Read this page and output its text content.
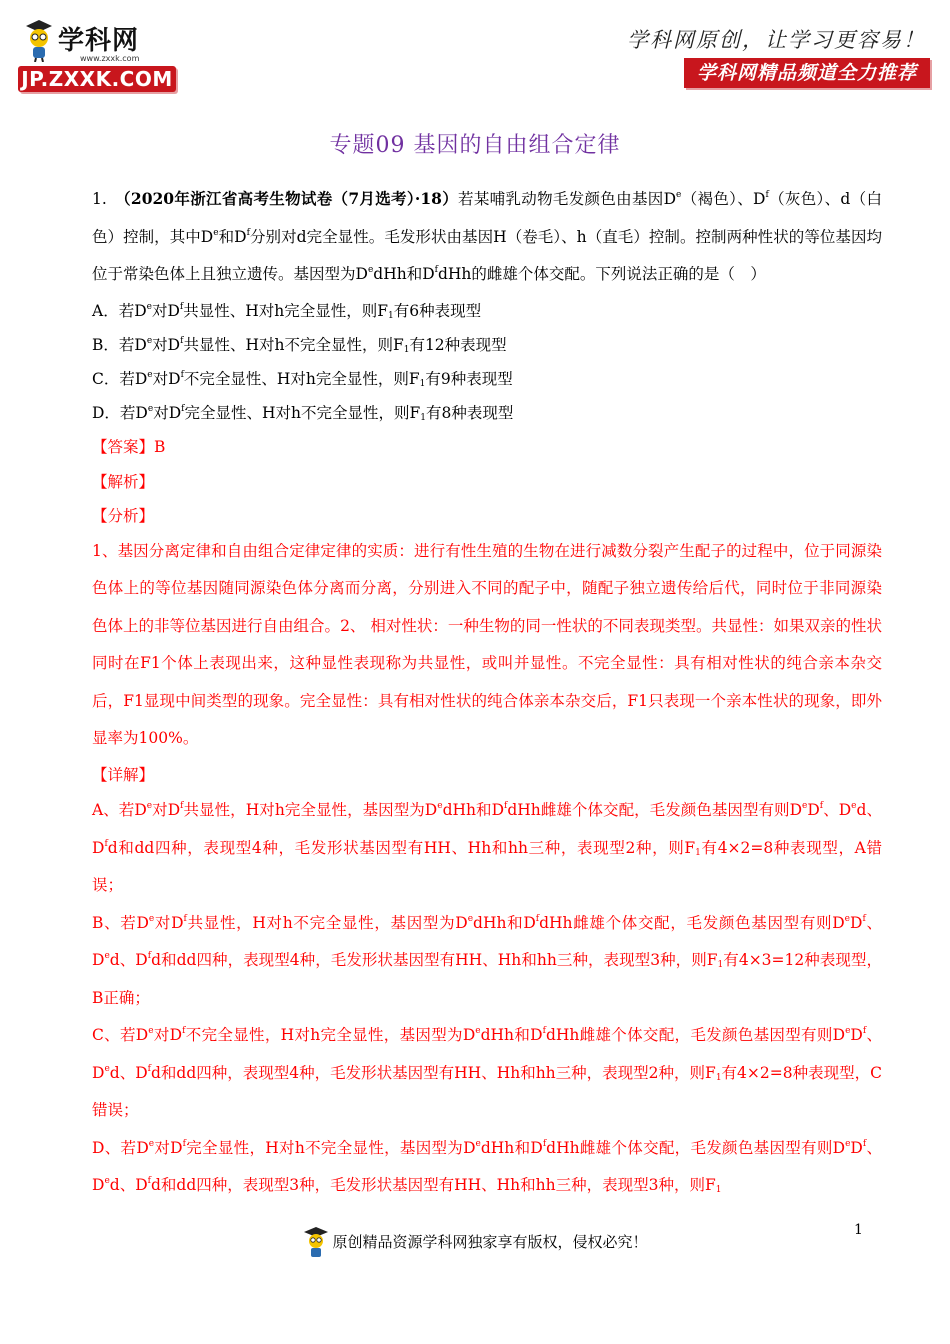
学科网
www.zxxk.com
JP.ZXXK.COM
学科网原创，让学习更容易！
学科网精品频道全力推荐
专题09 基因的自由组合定律
1. （2020年浙江省高考生物试卷（7月选考）·18）若某哺乳动物毛发颜色由基因De（褐色）、$D^f$（灰色）、d（白色）控制，其中De和$D^f$分别对d完全显性。毛发形状由基因H（卷毛）、h（直毛）控制。控制两种性状的等位基因均位于常染色体上且独立遗传。基因型为DedHh和$D^fdHh$的雌雄个体交配。下列说法正确的是（　）
A．若De对$D^f$共显性、H对h完全显性，则$F_1$有6种表现型
B．若De对$D^f$共显性、H对h不完全显性，则$F_1$有12种表现型
C．若De对$D^f$不完全显性、H对h完全显性，则$F_1$有9种表现型
D．若De对$D^f$完全显性、H对h不完全显性，则$F_1$有8种表现型
【答案】B
【解析】
【分析】
1、基因分离定律和自由组合定律定律的实质：进行有性生殖的生物在进行减数分裂产生配子的过程中，位于同源染色体上的等位基因随同源染色体分离而分离，分别进入不同的配子中，随配子独立遗传给后代，同时位于非同源染色体上的非等位基因进行自由组合。2、 相对性状：一种生物的同一性状的不同表现类型。共显性：如果双亲的性状同时在F1个体上表现出来，这种显性表现称为共显性，或叫并显性。不完全显性：具有相对性状的纯合亲本杂交后，F1显现中间类型的现象。完全显性：具有相对性状的纯合体亲本杂交后，F1只表现一个亲本性状的现象，即外显率为100%。
【详解】
A、若De对$D^f$共显性，H对h完全显性，基因型为DedHh和$D^fdHh$雌雄个体交配，毛发颜色基因型有则$DeD^f$、Ded、$D^fd$和dd四种，表现型4种，毛发形状基因型有HH、Hh和hh三种，表现型2种，则$F_1$有4×2=8种表现型，A错误；
B、若De对$D^f$共显性，H对h不完全显性，基因型为DedHh和$D^fdHh$雌雄个体交配，毛发颜色基因型有则$DeD^f$、 Ded、$D^fd$和dd四种，表现型4种，毛发形状基因型有HH、Hh和hh三种，表现型3种，则$F_1$有4×3=12种表现型，B正确；
C、若De对$D^f$不完全显性，H对h完全显性，基因型为DedHh和$D^fdHh$雌雄个体交配，毛发颜色基因型有则$DeD^f$、 Ded、$D^fd$和dd四种，表现型4种，毛发形状基因型有HH、Hh和hh三种，表现型2种，则$F_1$有4×2=8种表现型，C错误；
D、若De对$D^f$完全显性，H对h不完全显性，基因型为DedHh和$D^fdHh$雌雄个体交配，毛发颜色基因型有则$DeD^f$、 Ded、$D^fd$和dd四种，表现型3种，毛发形状基因型有HH、Hh和hh三种，表现型3种，则$F_1$
1
原创精品资源学科网独家享有版权，侵权必究！
